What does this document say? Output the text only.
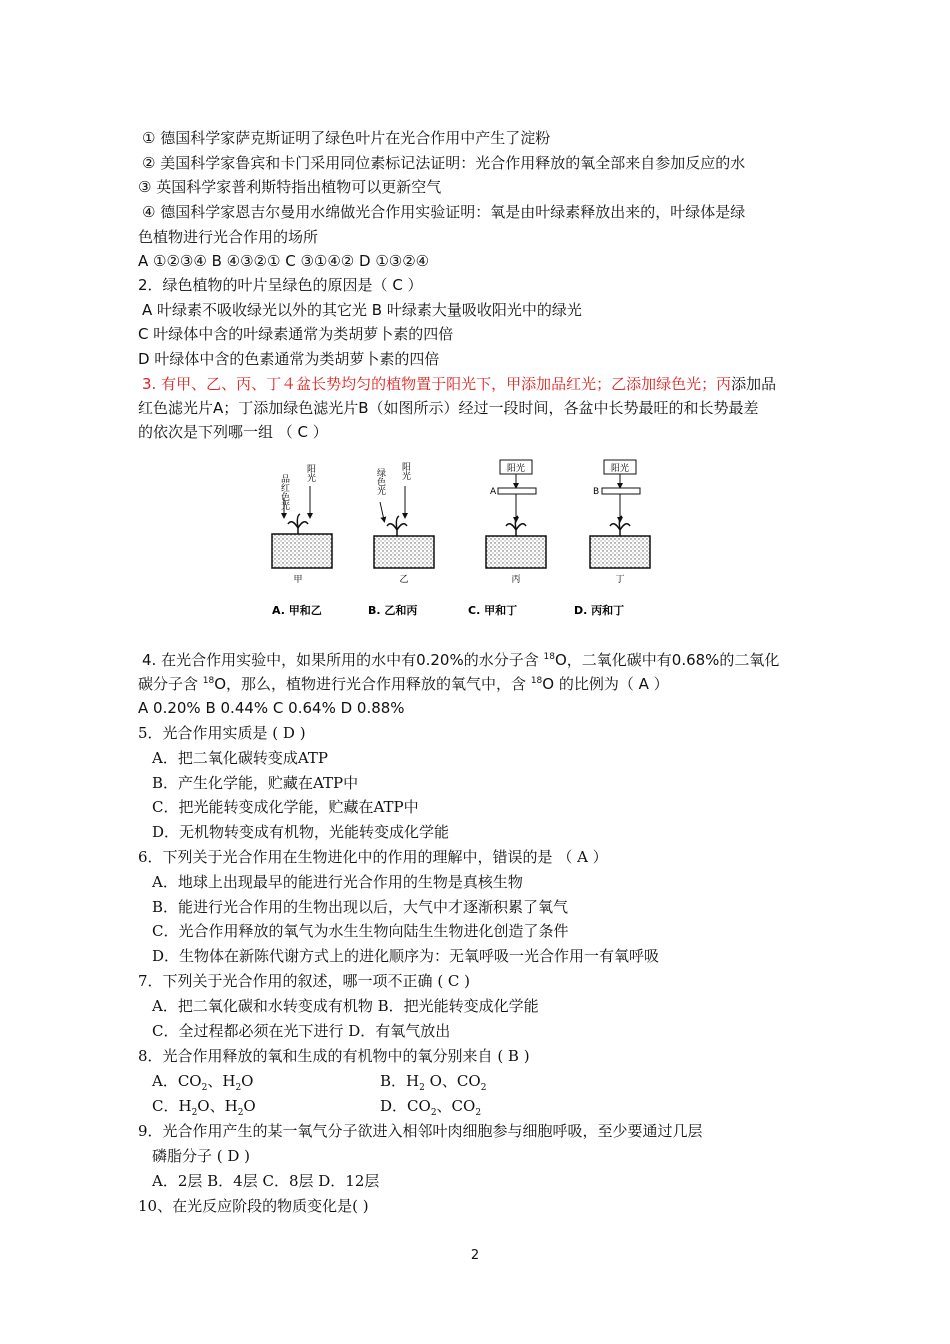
① 德国科学家萨克斯证明了绿色叶片在光合作用中产生了淀粉
② 美国科学家鲁宾和卡门采用同位素标记法证明：光合作用释放的氧全部来自参加反应的水
③ 英国科学家普利斯特指出植物可以更新空气
④ 德国科学家恩吉尔曼用水绵做光合作用实验证明：氧是由叶绿素释放出来的，叶绿体是绿
色植物进行光合作用的场所
A ①②③④ B ④③②① C ③①④② D ①③②④
2．绿色植物的叶片呈绿色的原因是（ C ）
A 叶绿素不吸收绿光以外的其它光 B 叶绿素大量吸收阳光中的绿光
C 叶绿体中含的叶绿素通常为类胡萝卜素的四倍
D 叶绿体中含的色素通常为类胡萝卜素的四倍
3. 有甲、乙、丙、丁４盆长势均匀的植物置于阳光下，甲添加品红光；乙添加绿色光；丙添加品
红色滤光片A；丁添加绿色滤光片B（如图所示）经过一段时间，各盆中长势最旺的和长势最差
的依次是下列哪一组 （ C ）
品红色光
阳光
甲
绿色光 阳光
乙
阳光
A
丙
阳光
B
丁
A. 甲和乙	B. 乙和丙	C. 甲和丁	D. 丙和丁
4. 在光合作用实验中，如果所用的水中有0.20%的水分子含 $^{18}$O，二氧化碳中有0.68%的二氧化
碳分子含 $^{18}$O，那么，植物进行光合作用释放的氧气中，含 $^{18}$O 的比例为（ A ）
A 0.20% B 0.44% C 0.64% D 0.88%
5．光合作用实质是 ( D )
A．把二氧化碳转变成ATP
B．产生化学能，贮藏在ATP中
C．把光能转变成化学能，贮藏在ATP中
D．无机物转变成有机物，光能转变成化学能
6．下列关于光合作用在生物进化中的作用的理解中，错误的是 （ A ）
A．地球上出现最早的能进行光合作用的生物是真核生物
B．能进行光合作用的生物出现以后，大气中才逐渐积累了氧气
C．光合作用释放的氧气为水生生物向陆生生物进化创造了条件
D．生物体在新陈代谢方式上的进化顺序为：无氧呼吸一光合作用一有氧呼吸
7．下列关于光合作用的叙述，哪一项不正确 ( C )
A．把二氧化碳和水转变成有机物 B．把光能转变成化学能
C．全过程都必须在光下进行 D．有氧气放出
8．光合作用释放的氧和生成的有机物中的氧分别来自 ( B )
A．$CO_2$、$H_2O$	B．$H_2$ O、$CO_2$
C．$H_2O$、$H_2O$	D．$CO_2$、$CO_2$
9．光合作用产生的某一氧气分子欲进入相邻叶肉细胞参与细胞呼吸，至少要通过几层
磷脂分子 ( D )
A．2层 B．4层 C．8层 D．12层
10、在光反应阶段的物质变化是( )
2
